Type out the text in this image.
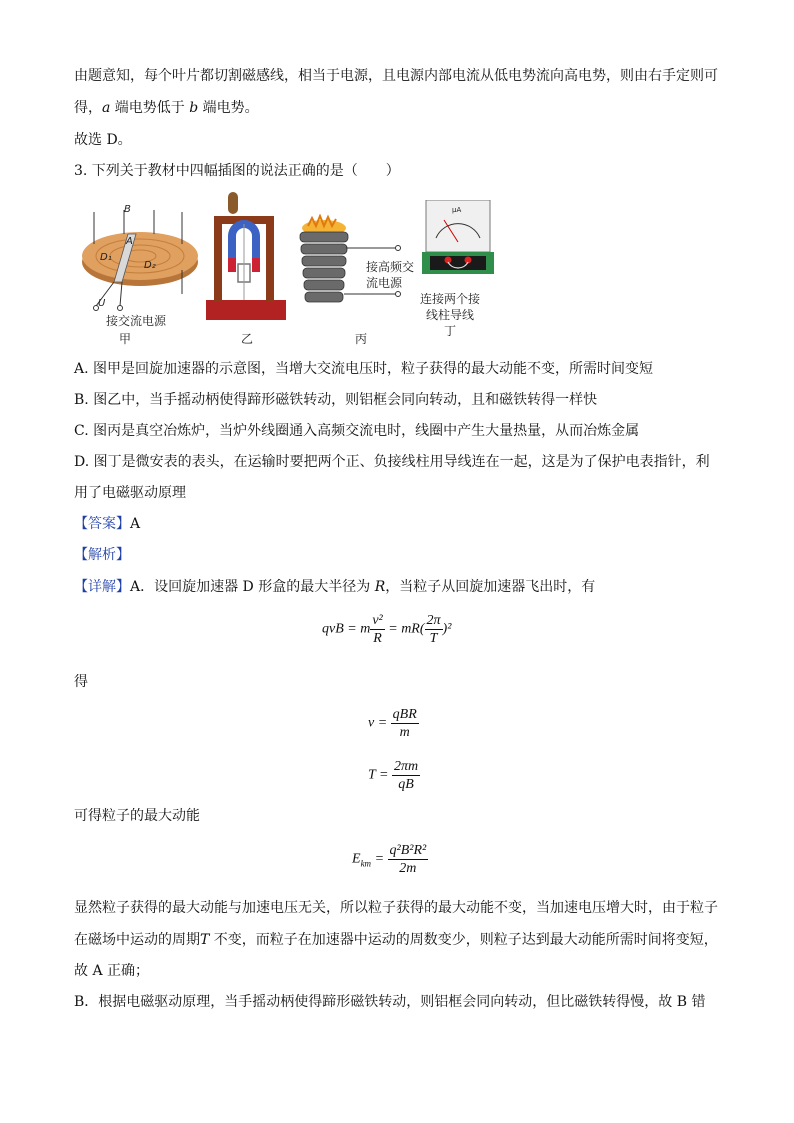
由题意知，每个叶片都切割磁感线，相当于电源，且电源内部电流从低电势流向高电势，则由右手定则可
得，a 端电势低于 b 端电势。
故选 D。
3. 下列关于教材中四幅插图的说法正确的是（　　）
B
A
D₁
D₂
U
接交流电源
甲	乙
接高频交
流电源
丙
μA
连接两个接
线柱导线
丁
A. 图甲是回旋加速器的示意图，当增大交流电压时，粒子获得的最大动能不变，所需时间变短
B. 图乙中，当手摇动柄使得蹄形磁铁转动，则铝框会同向转动，且和磁铁转得一样快
C. 图丙是真空冶炼炉，当炉外线圈通入高频交流电时，线圈中产生大量热量，从而冶炼金属
D. 图丁是微安表的表头，在运输时要把两个正、负接线柱用导线连在一起，这是为了保护电表指针，利
用了电磁驱动原理
【答案】A
【解析】
【详解】A．设回旋加速器 D 形盒的最大半径为 R，当粒子从回旋加速器飞出时，有
qvB = m $\frac{\text{v²}}{R} = mR( \frac{2\pi}{T} )^2$
得
$v = \frac{\text{qBR}}{m}$
$T = \frac{2\pi m}{qB}$
可得粒子的最大动能
$E_{km} = \frac{\text{q²B²R²}}{2m}$
显然粒子获得的最大动能与加速电压无关，所以粒子获得的最大动能不变，当加速电压增大时，由于粒子
在磁场中运动的周期T 不变，而粒子在加速器中运动的周数变少，则粒子达到最大动能所需时间将变短，
故 A 正确；
B．根据电磁驱动原理，当手摇动柄使得蹄形磁铁转动，则铝框会同向转动，但比磁铁转得慢，故 B 错
